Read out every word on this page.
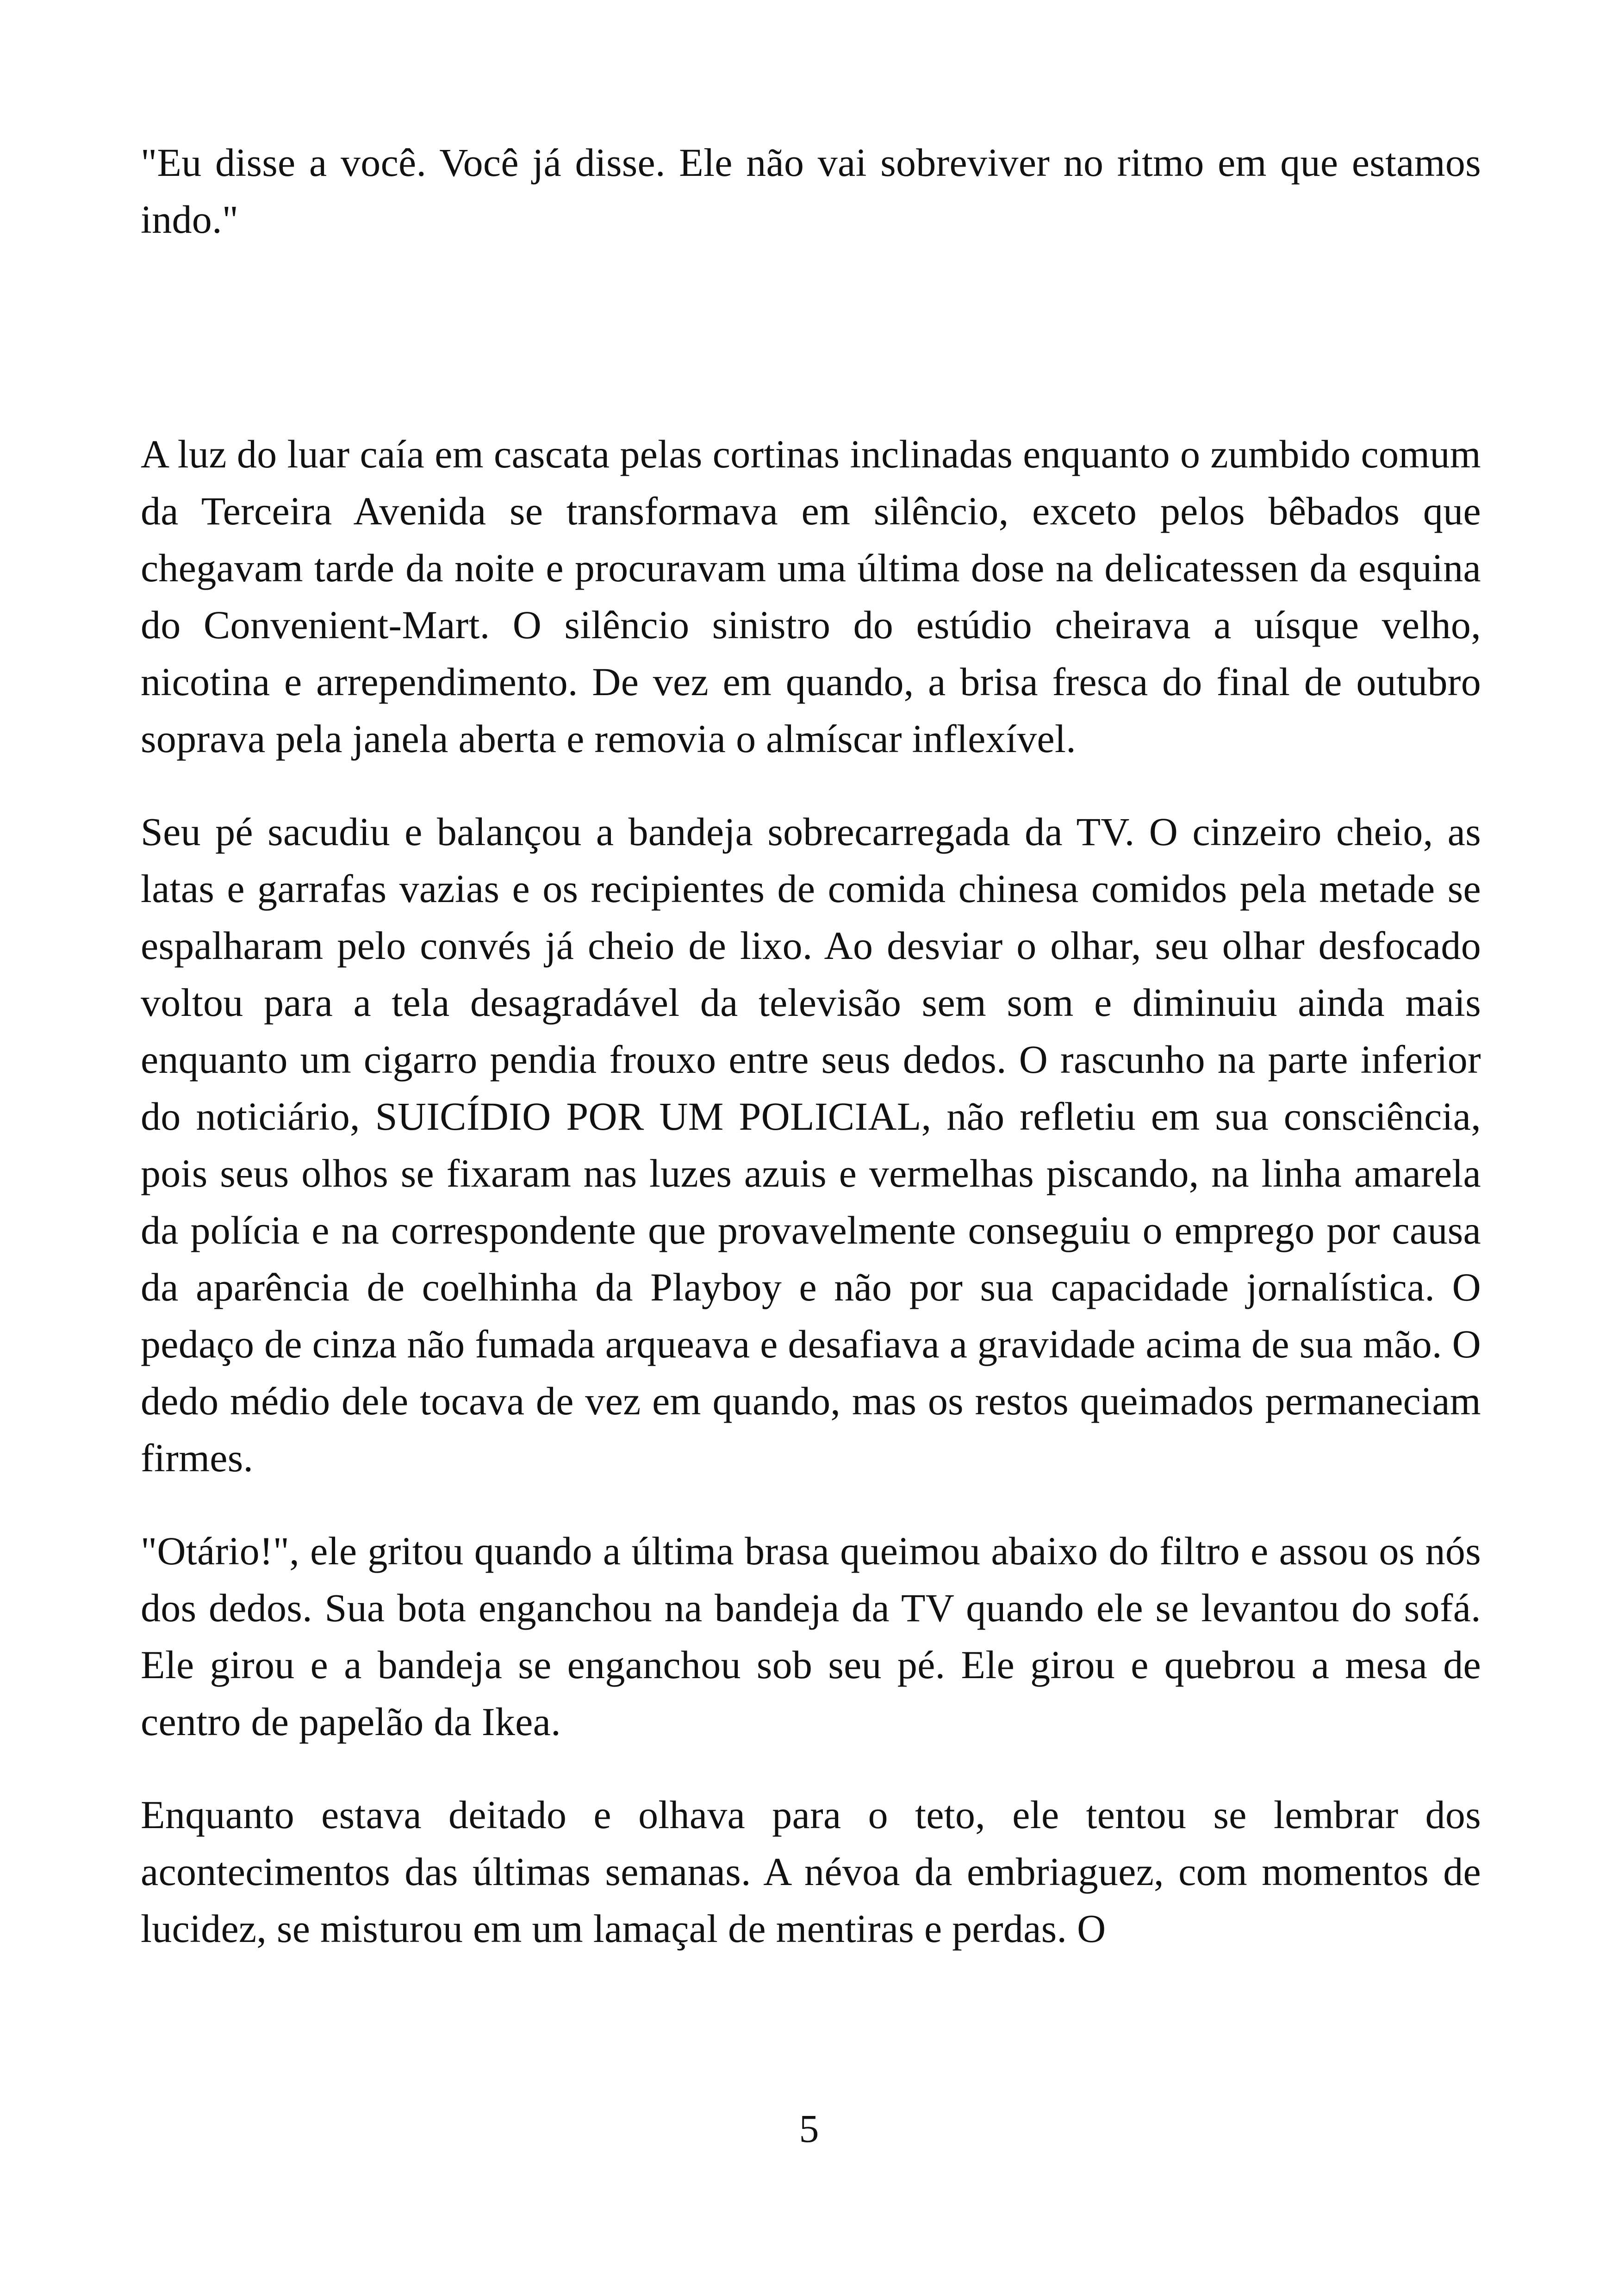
"Eu disse a você. Você já disse. Ele não vai sobreviver no ritmo em que estamos indo."

A luz do luar caía em cascata pelas cortinas inclinadas enquanto o zumbido comum da Terceira Avenida se transformava em silêncio, exceto pelos bêbados que chegavam tarde da noite e procuravam uma última dose na delicatessen da esquina do Convenient-Mart. O silêncio sinistro do estúdio cheirava a uísque velho, nicotina e arrependimento. De vez em quando, a brisa fresca do final de outubro soprava pela janela aberta e removia o almíscar inflexível.

Seu pé sacudiu e balançou a bandeja sobrecarregada da TV. O cinzeiro cheio, as latas e garrafas vazias e os recipientes de comida chinesa comidos pela metade se espalharam pelo convés já cheio de lixo. Ao desviar o olhar, seu olhar desfocado voltou para a tela desagradável da televisão sem som e diminuiu ainda mais enquanto um cigarro pendia frouxo entre seus dedos. O rascunho na parte inferior do noticiário, SUICÍDIO POR UM POLICIAL, não refletiu em sua consciência, pois seus olhos se fixaram nas luzes azuis e vermelhas piscando, na linha amarela da polícia e na correspondente que provavelmente conseguiu o emprego por causa da aparência de coelhinha da Playboy e não por sua capacidade jornalística. O pedaço de cinza não fumada arqueava e desafiava a gravidade acima de sua mão. O dedo médio dele tocava de vez em quando, mas os restos queimados permaneciam firmes.

"Otário!", ele gritou quando a última brasa queimou abaixo do filtro e assou os nós dos dedos. Sua bota enganchou na bandeja da TV quando ele se levantou do sofá. Ele girou e a bandeja se enganchou sob seu pé. Ele girou e quebrou a mesa de centro de papelão da Ikea.

Enquanto estava deitado e olhava para o teto, ele tentou se lembrar dos acontecimentos das últimas semanas. A névoa da embriaguez, com momentos de lucidez, se misturou em um lamaçal de mentiras e perdas. O

5
